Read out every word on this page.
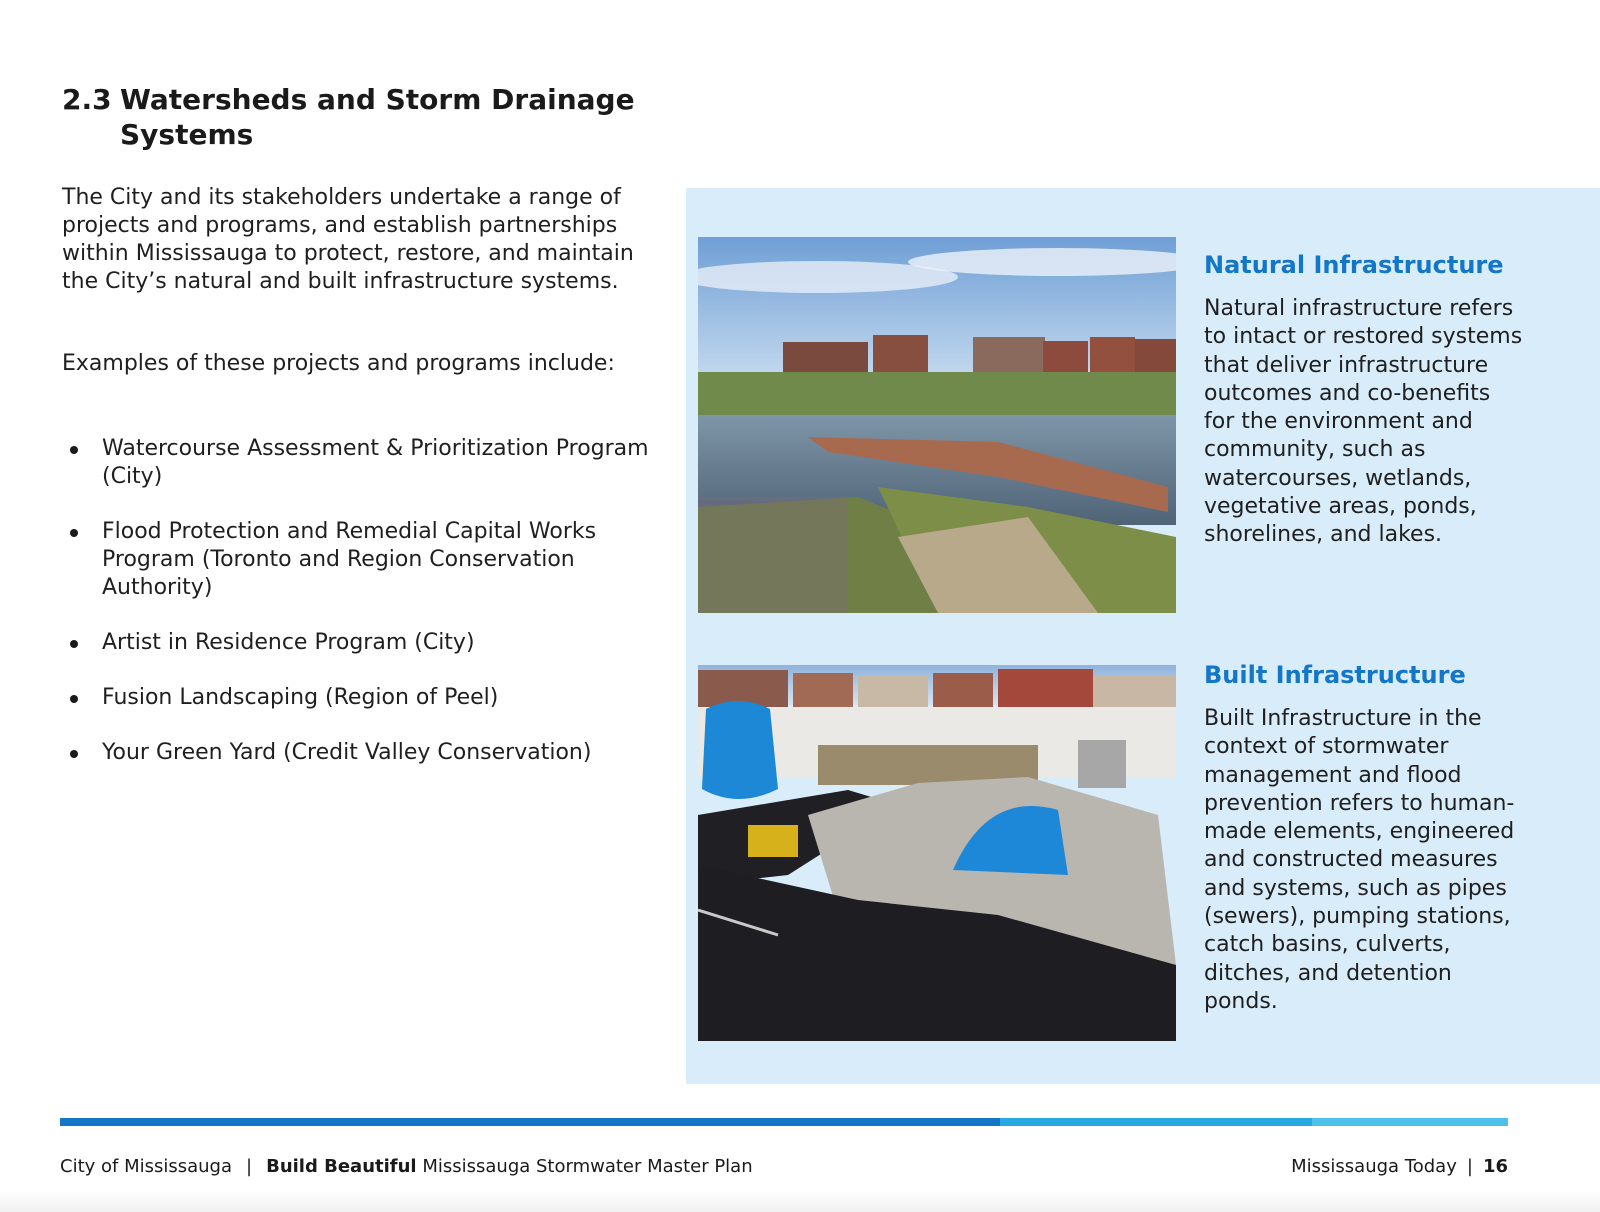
2.3 Watersheds and Storm Drainage Systems

The City and its stakeholders undertake a range of projects and programs, and establish partnerships within Mississauga to protect, restore, and maintain the City’s natural and built infrastructure systems.

Examples of these projects and programs include:

Watercourse Assessment & Prioritization Program (City)
Flood Protection and Remedial Capital Works Program (Toronto and Region Conservation Authority)
Artist in Residence Program (City)
Fusion Landscaping (Region of Peel)
Your Green Yard (Credit Valley Conservation)
Natural Infrastructure

Natural infrastructure refers to intact or restored systems that deliver infrastructure outcomes and co-benefits for the environment and community, such as watercourses, wetlands, vegetative areas, ponds, shorelines, and lakes.

Built Infrastructure

Built Infrastructure in the context of stormwater management and flood prevention refers to human-made elements, engineered and constructed measures and systems, such as pipes (sewers), pumping stations, catch basins, culverts, ditches, and detention ponds.

City of Mississauga | Build Beautiful Mississauga Stormwater Master Plan	Mississauga Today | 16
